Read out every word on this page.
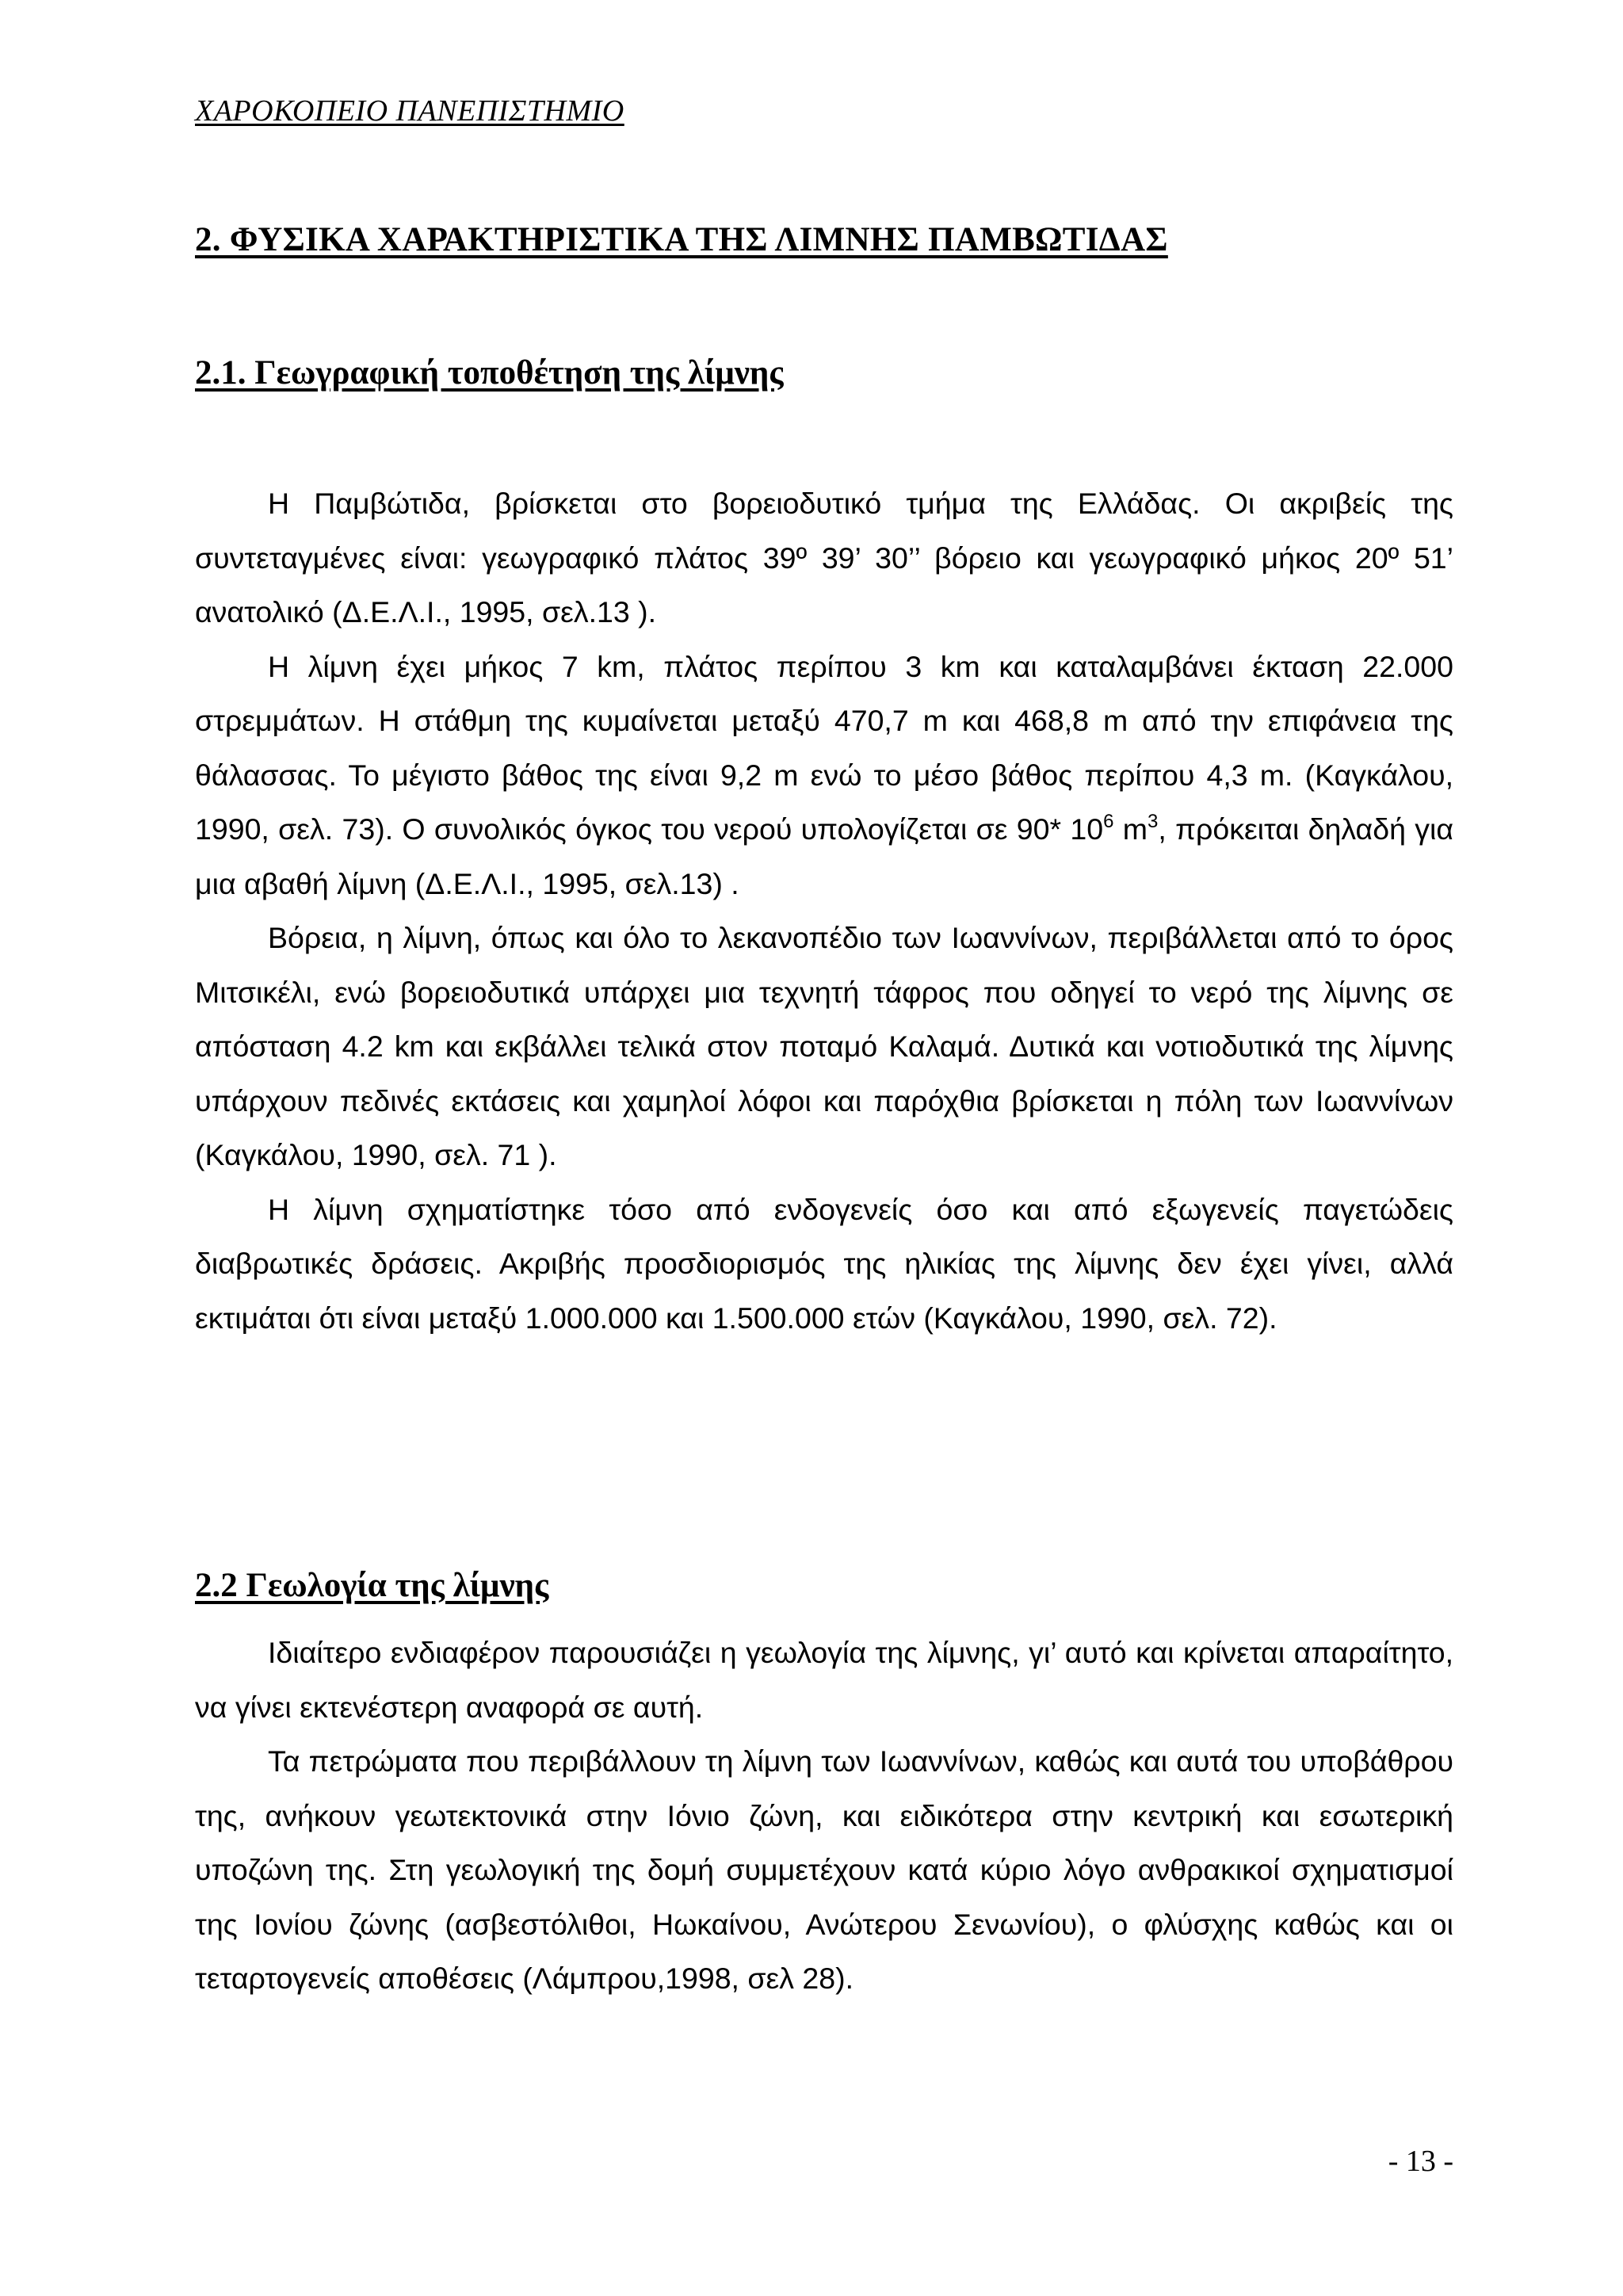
ΧΑΡΟΚΟΠΕΙΟ ΠΑΝΕΠΙΣΤΗΜΙΟ
2. ΦΥΣΙΚΑ ΧΑΡΑΚΤΗΡΙΣΤΙΚΑ ΤΗΣ ΛΙΜΝΗΣ ΠΑΜΒΩΤΙΔΑΣ
2.1. Γεωγραφική τοποθέτηση της λίμνης

Η Παμβώτιδα, βρίσκεται στο βορειοδυτικό τμήμα της Ελλάδας. Οι ακριβείς της συντεταγμένες είναι: γεωγραφικό πλάτος 39º 39’ 30’’ βόρειο και γεωγραφικό μήκος 20º 51’ ανατολικό (Δ.Ε.Λ.Ι., 1995, σελ.13 ).

Η λίμνη έχει μήκος 7 km, πλάτος περίπου 3 km και καταλαμβάνει έκταση 22.000 στρεμμάτων. Η στάθμη της κυμαίνεται μεταξύ 470,7 m και 468,8 m από την επιφάνεια της θάλασσας. Το μέγιστο βάθος της είναι 9,2 m ενώ το μέσο βάθος περίπου 4,3 m. (Καγκάλου, 1990, σελ. 73). Ο συνολικός όγκος του νερού υπολογίζεται σε 90* $10^6$ $m^3$, πρόκειται δηλαδή για μια αβαθή λίμνη (Δ.Ε.Λ.Ι., 1995, σελ.13) .

Βόρεια, η λίμνη, όπως και όλο το λεκανοπέδιο των Ιωαννίνων, περιβάλλεται από το όρος Μιτσικέλι, ενώ βορειοδυτικά υπάρχει μια τεχνητή τάφρος που οδηγεί το νερό της λίμνης σε απόσταση 4.2 km και εκβάλλει τελικά στον ποταμό Καλαμά. Δυτικά και νοτιοδυτικά της λίμνης υπάρχουν πεδινές εκτάσεις και χαμηλοί λόφοι και παρόχθια βρίσκεται η πόλη των Ιωαννίνων (Καγκάλου, 1990, σελ. 71 ).

Η λίμνη σχηματίστηκε τόσο από ενδογενείς όσο και από εξωγενείς παγετώδεις διαβρωτικές δράσεις. Ακριβής προσδιορισμός της ηλικίας της λίμνης δεν έχει γίνει, αλλά εκτιμάται ότι είναι μεταξύ 1.000.000 και 1.500.000 ετών (Καγκάλου, 1990, σελ. 72).

2.2 Γεωλογία της λίμνης

Ιδιαίτερο ενδιαφέρον παρουσιάζει η γεωλογία της λίμνης, γι’ αυτό και κρίνεται απαραίτητο, να γίνει εκτενέστερη αναφορά σε αυτή.

Τα πετρώματα που περιβάλλουν τη λίμνη των Ιωαννίνων, καθώς και αυτά του υποβάθρου της, ανήκουν γεωτεκτονικά στην Ιόνιο ζώνη, και ειδικότερα στην κεντρική και εσωτερική υποζώνη της. Στη γεωλογική της δομή συμμετέχουν κατά κύριο λόγο ανθρακικοί σχηματισμοί της Ιονίου ζώνης (ασβεστόλιθοι, Ηωκαίνου, Ανώτερου Σενωνίου), ο φλύσχης καθώς και οι τεταρτογενείς αποθέσεις (Λάμπρου,1998, σελ 28).

- 13 -
